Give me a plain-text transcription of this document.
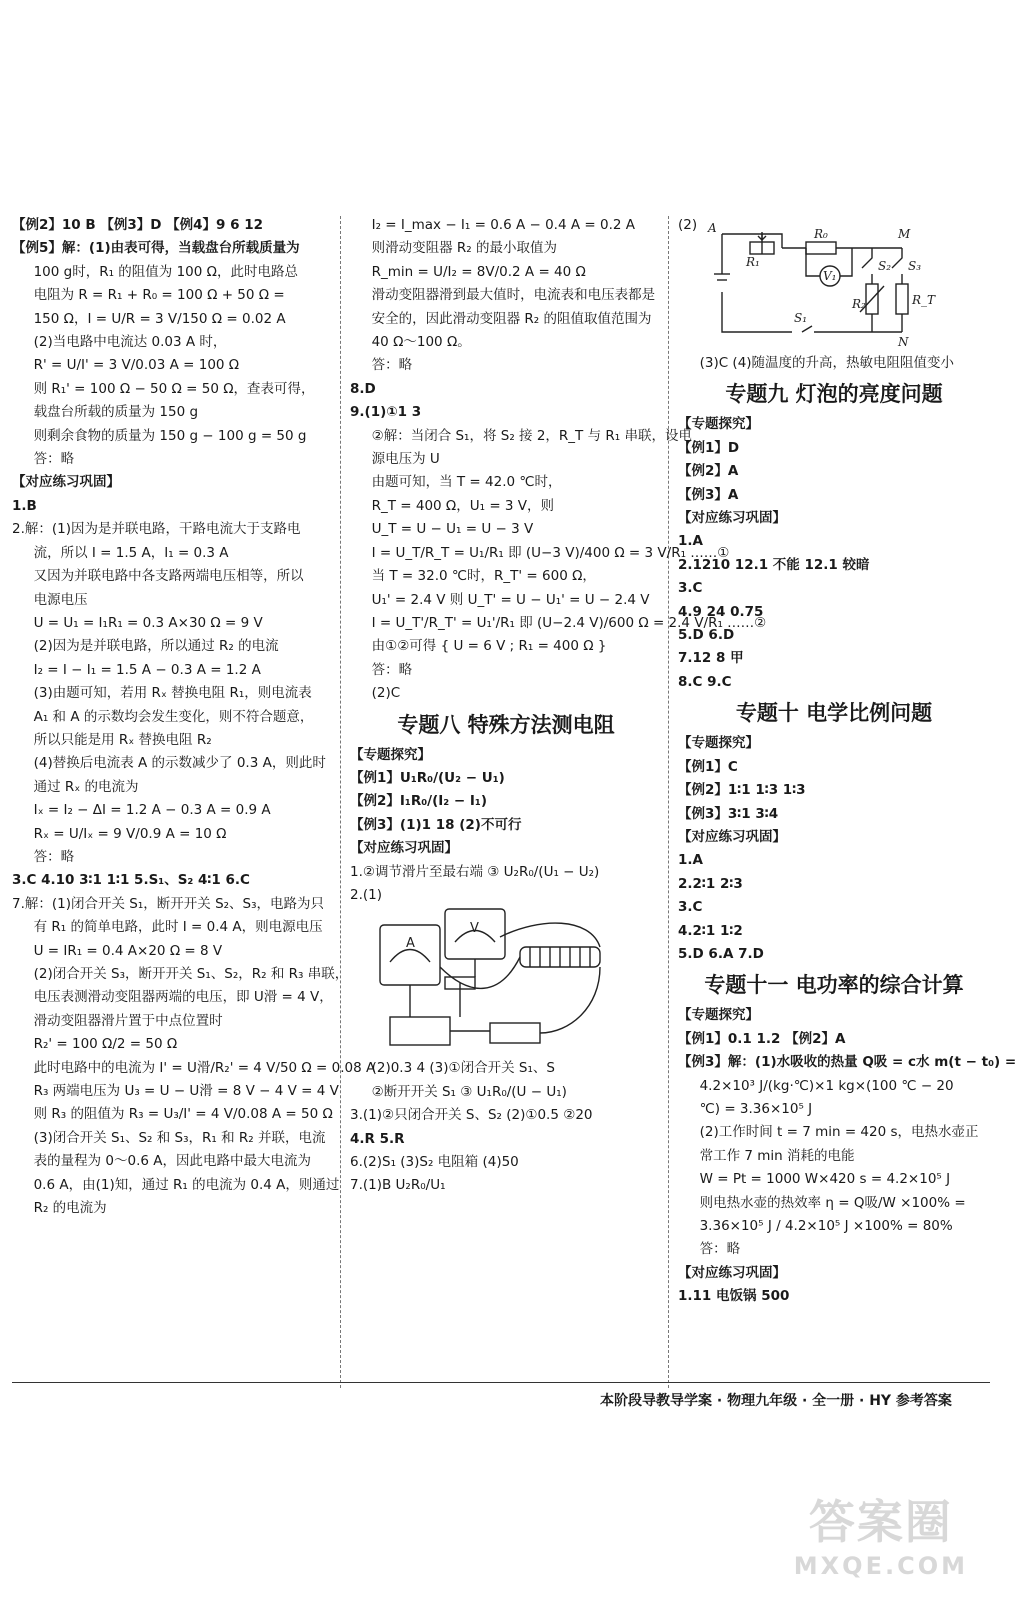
【例2】10 B 【例3】D 【例4】9 6 12
【例5】解：(1)由表可得，当载盘台所载质量为
100 g时，R₁ 的阻值为 100 Ω，此时电路总
电阻为 R = R₁ + R₀ = 100 Ω + 50 Ω =
150 Ω，I = U/R = 3 V/150 Ω = 0.02 A
(2)当电路中电流达 0.03 A 时，
R' = U/I' = 3 V/0.03 A = 100 Ω
则 R₁' = 100 Ω − 50 Ω = 50 Ω，查表可得，
载盘台所载的质量为 150 g
则剩余食物的质量为 150 g − 100 g = 50 g
答：略
【对应练习巩固】
1.B
2.解：(1)因为是并联电路，干路电流大于支路电
流，所以 I = 1.5 A，I₁ = 0.3 A
又因为并联电路中各支路两端电压相等，所以
电源电压
U = U₁ = I₁R₁ = 0.3 A×30 Ω = 9 V
(2)因为是并联电路，所以通过 R₂ 的电流
I₂ = I − I₁ = 1.5 A − 0.3 A = 1.2 A
(3)由题可知，若用 Rₓ 替换电阻 R₁，则电流表
A₁ 和 A 的示数均会发生变化，则不符合题意，
所以只能是用 Rₓ 替换电阻 R₂
(4)替换后电流表 A 的示数减少了 0.3 A，则此时
通过 Rₓ 的电流为
Iₓ = I₂ − ΔI = 1.2 A − 0.3 A = 0.9 A
Rₓ = U/Iₓ = 9 V/0.9 A = 10 Ω
答：略
3.C 4.10 3∶1 1∶1 5.S₁、S₂ 4∶1 6.C
7.解：(1)闭合开关 S₁，断开开关 S₂、S₃，电路为只
有 R₁ 的简单电路，此时 I = 0.4 A，则电源电压
U = IR₁ = 0.4 A×20 Ω = 8 V
(2)闭合开关 S₃，断开开关 S₁、S₂，R₂ 和 R₃ 串联，
电压表测滑动变阻器两端的电压，即 U滑 = 4 V，
滑动变阻器滑片置于中点位置时
R₂' = 100 Ω/2 = 50 Ω
此时电路中的电流为 I' = U滑/R₂' = 4 V/50 Ω = 0.08 A
R₃ 两端电压为 U₃ = U − U滑 = 8 V − 4 V = 4 V
则 R₃ 的阻值为 R₃ = U₃/I' = 4 V/0.08 A = 50 Ω
(3)闭合开关 S₁、S₂ 和 S₃，R₁ 和 R₂ 并联，电流
表的量程为 0～0.6 A，因此电路中最大电流为
0.6 A，由(1)知，通过 R₁ 的电流为 0.4 A，则通过
R₂ 的电流为
I₂ = I_max − I₁ = 0.6 A − 0.4 A = 0.2 A
则滑动变阻器 R₂ 的最小取值为
R_min = U/I₂ = 8V/0.2 A = 40 Ω
滑动变阻器滑到最大值时，电流表和电压表都是
安全的，因此滑动变阻器 R₂ 的阻值取值范围为
40 Ω～100 Ω。
答：略
8.D
9.(1)①1 3
②解：当闭合 S₁，将 S₂ 接 2，R_T 与 R₁ 串联，设电
源电压为 U
由题可知，当 T = 42.0 ℃时，
R_T = 400 Ω，U₁ = 3 V，则
U_T = U − U₁ = U − 3 V
I = U_T/R_T = U₁/R₁ 即 (U−3 V)/400 Ω = 3 V/R₁ ……①
当 T = 32.0 ℃时，R_T' = 600 Ω，
U₁' = 2.4 V 则 U_T' = U − U₁' = U − 2.4 V
I = U_T'/R_T' = U₁'/R₁ 即 (U−2.4 V)/600 Ω = 2.4 V/R₁ ……②
由①②可得 { U = 6 V ; R₁ = 400 Ω }
答：略
(2)C
专题八 特殊方法测电阻
【专题探究】
【例1】U₁R₀/(U₂ − U₁)
【例2】I₁R₀/(I₂ − I₁)
【例3】(1)1 18 (2)不可行
【对应练习巩固】
1.②调节滑片至最右端 ③ U₂R₀/(U₁ − U₂)
2.(1)
A
V
(2)0.3 4 (3)①闭合开关 S₁、S
②断开开关 S₁ ③ U₁R₀/(U − U₁)
3.(1)②只闭合开关 S、S₂ (2)①0.5 ②20
4.R 5.R
6.(2)S₁ (3)S₂ 电阻箱 (4)50
7.(1)B U₂R₀/U₁
(2) A	R₀
R₁
M
V₁
S₂ S₃
R₂	R_T
S₁
N
(3)C (4)随温度的升高，热敏电阻阻值变小
专题九 灯泡的亮度问题
【专题探究】
【例1】D
【例2】A
【例3】A
【对应练习巩固】
1.A
2.1210 12.1 不能 12.1 较暗
3.C
4.9 24 0.75
5.D 6.D
7.12 8 甲
8.C 9.C
专题十 电学比例问题
【专题探究】
【例1】C
【例2】1∶1 1∶3 1∶3
【例3】3∶1 3∶4
【对应练习巩固】
1.A
2.2∶1 2∶3
3.C
4.2∶1 1∶2
5.D 6.A 7.D
专题十一 电功率的综合计算
【专题探究】
【例1】0.1 1.2 【例2】A
【例3】解：(1)水吸收的热量 Q吸 = c水 m(t − t₀) =
4.2×10³ J/(kg·℃)×1 kg×(100 ℃ − 20
℃) = 3.36×10⁵ J
(2)工作时间 t = 7 min = 420 s，电热水壶正
常工作 7 min 消耗的电能
W = Pt = 1000 W×420 s = 4.2×10⁵ J
则电热水壶的热效率 η = Q吸/W ×100% =
3.36×10⁵ J / 4.2×10⁵ J ×100% = 80%
答：略
【对应练习巩固】
1.11 电饭锅 500
本阶段导教导学案 · 物理九年级 · 全一册 · HY 参考答案
答案圈
MXQE.COM
